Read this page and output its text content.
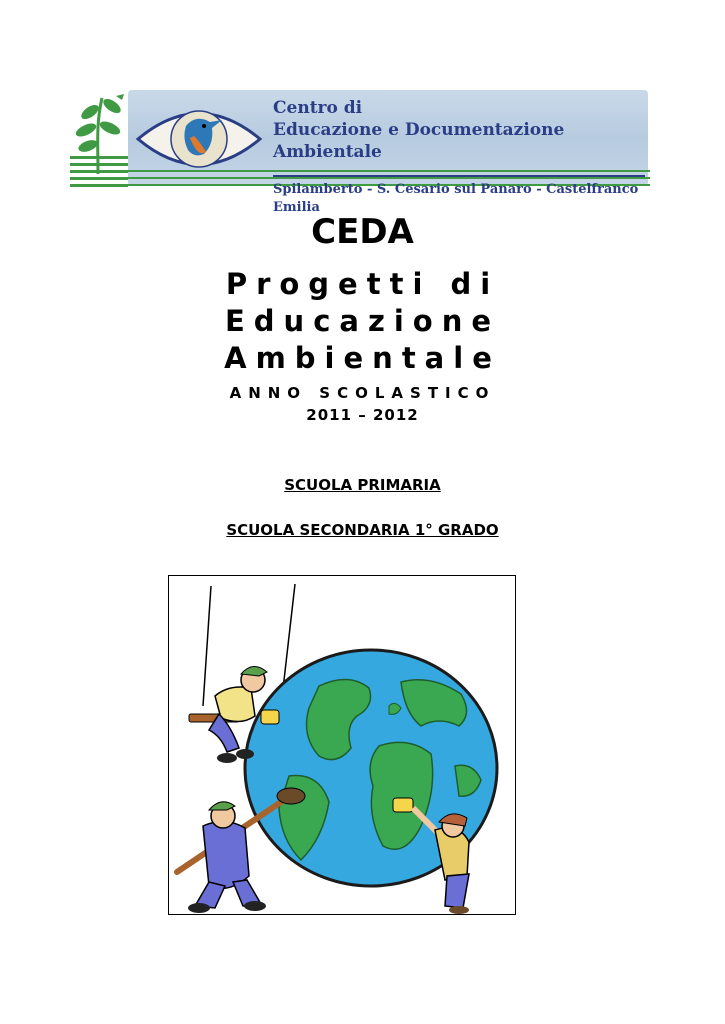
Centro di
Educazione e Documentazione Ambientale
Spilamberto - S. Cesario sul Panaro - Castelfranco Emilia
CEDA
Progetti di
Educazione
Ambientale
ANNO SCOLASTICO
2011 – 2012
SCUOLA PRIMARIA
SCUOLA SECONDARIA 1° GRADO
